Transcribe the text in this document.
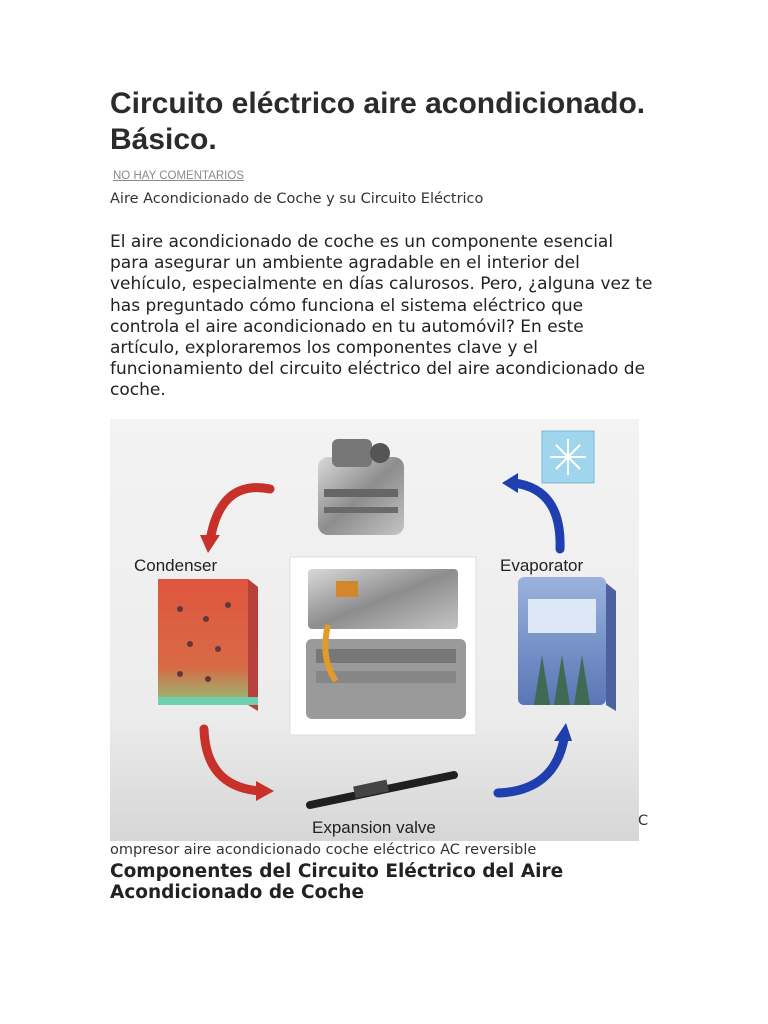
Circuito eléctrico aire acondicionado. Básico.
NO HAY COMENTARIOS
Aire Acondicionado de Coche y su Circuito Eléctrico

El aire acondicionado de coche es un componente esencial para asegurar un ambiente agradable en el interior del vehículo, especialmente en días calurosos. Pero, ¿alguna vez te has preguntado cómo funciona el sistema eléctrico que controla el aire acondicionado en tu automóvil? En este artículo, exploraremos los componentes clave y el funcionamiento del circuito eléctrico del aire acondicionado de coche.

Condenser	Evaporator
Expansion valve
ompresor aire acondicionado coche eléctrico AC reversible
Componentes del Circuito Eléctrico del Aire Acondicionado de Coche
C
